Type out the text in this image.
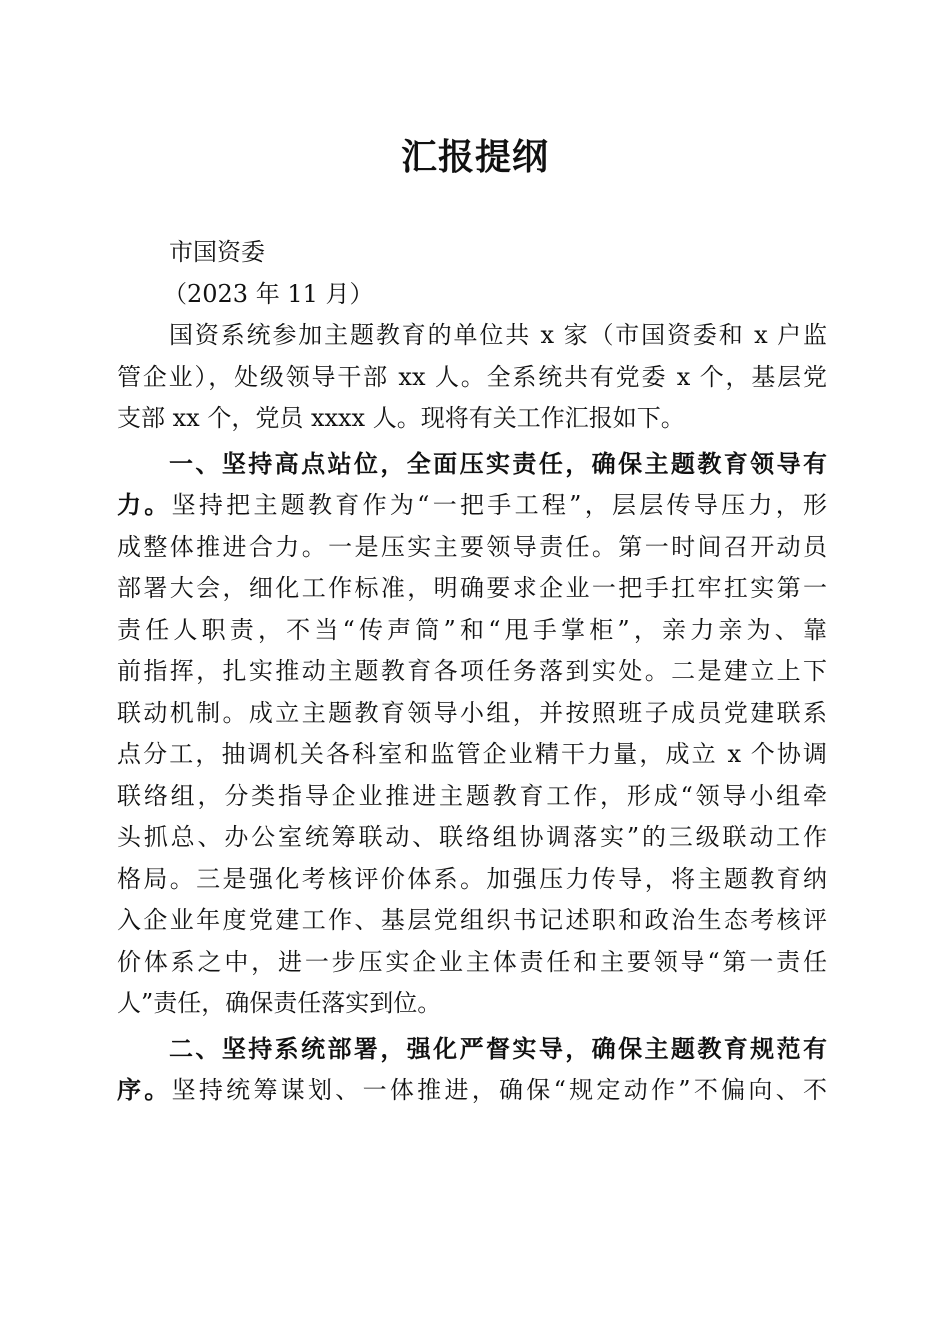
汇报提纲
市国资委
（2023 年 11 月）
国资系统参加主题教育的单位共 x 家（市国资委和 x 户监
管企业），处级领导干部 xx 人。全系统共有党委 x 个，基层党
支部 xx 个，党员 xxxx 人。现将有关工作汇报如下。
一、坚持高点站位，全面压实责任，确保主题教育领导有
力。坚持把主题教育作为“一把手工程”，层层传导压力，形
成整体推进合力。一是压实主要领导责任。第一时间召开动员
部署大会，细化工作标准，明确要求企业一把手扛牢扛实第一
责任人职责，不当“传声筒”和“甩手掌柜”，亲力亲为、靠
前指挥，扎实推动主题教育各项任务落到实处。二是建立上下
联动机制。成立主题教育领导小组，并按照班子成员党建联系
点分工，抽调机关各科室和监管企业精干力量，成立 x 个协调
联络组，分类指导企业推进主题教育工作，形成“领导小组牵
头抓总、办公室统筹联动、联络组协调落实”的三级联动工作
格局。三是强化考核评价体系。加强压力传导，将主题教育纳
入企业年度党建工作、基层党组织书记述职和政治生态考核评
价体系之中，进一步压实企业主体责任和主要领导“第一责任
人”责任，确保责任落实到位。
二、坚持系统部署，强化严督实导，确保主题教育规范有
序。坚持统筹谋划、一体推进，确保“规定动作”不偏向、不
